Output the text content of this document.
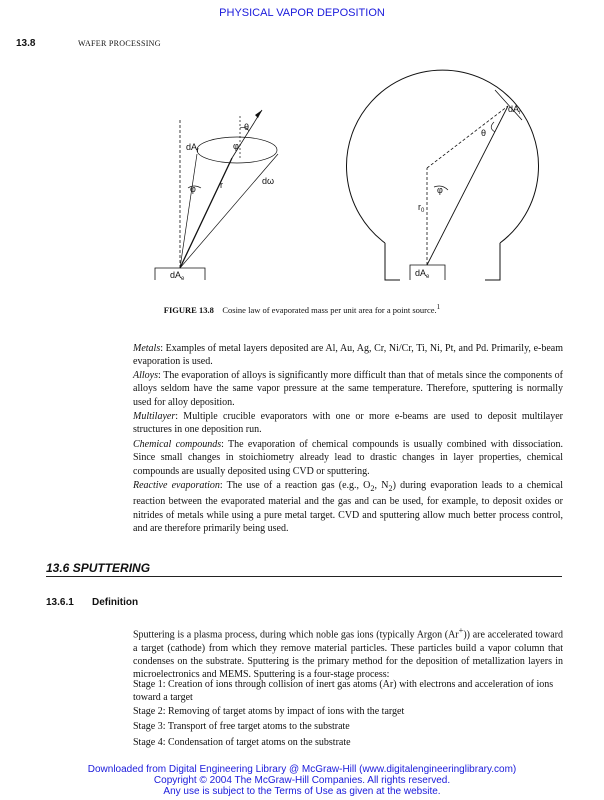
PHYSICAL VAPOR DEPOSITION
13.8	WAFER PROCESSING
θ
φ
$dA_r$
φ	r	dω
$dA_e$
$dA_r$
θ
φ
$r_0$
$dA_e$
FIGURE 13.8 Cosine law of evaporated mass per unit area for a point source.$^1$

Metals: Examples of metal layers deposited are Al, Au, Ag, Cr, Ni/Cr, Ti, Ni, Pt, and Pd. Primarily, e-beam evaporation is used.

Alloys: The evaporation of alloys is significantly more difficult than that of metals since the components of alloys seldom have the same vapor pressure at the same temperature. Therefore, sputtering is normally used for alloy deposition.

Multilayer: Multiple crucible evaporators with one or more e-beams are used to deposit multilayer structures in one deposition run.

Chemical compounds: The evaporation of chemical compounds is usually combined with dissociation. Since small changes in stoichiometry already lead to drastic changes in layer properties, chemical compounds are usually deposited using CVD or sputtering.

Reactive evaporation: The use of a reaction gas (e.g., $O_2$, $N_2$) during evaporation leads to a chemical reaction between the evaporated material and the gas and can be used, for example, to deposit oxides or nitrides of metals while using a pure metal target. CVD and sputtering allow much better process control, and are therefore primarily being used.

13.6 SPUTTERING
13.6.1 Definition

Sputtering is a plasma process, during which noble gas ions (typically Argon (Ar+)) are accelerated toward a target (cathode) from which they remove material particles. These particles build a vapor column that condenses on the substrate. Sputtering is the primary method for the deposition of metallization layers in microelectronics and MEMS. Sputtering is a four-stage process:

Stage 1: Creation of ions through collision of inert gas atoms (Ar) with electrons and acceleration of ions toward a target

Stage 2: Removing of target atoms by impact of ions with the target

Stage 3: Transport of free target atoms to the substrate

Stage 4: Condensation of target atoms on the substrate

Downloaded from Digital Engineering Library @ McGraw-Hill (www.digitalengineeringlibrary.com)
Copyright © 2004 The McGraw-Hill Companies. All rights reserved.
Any use is subject to the Terms of Use as given at the website.
